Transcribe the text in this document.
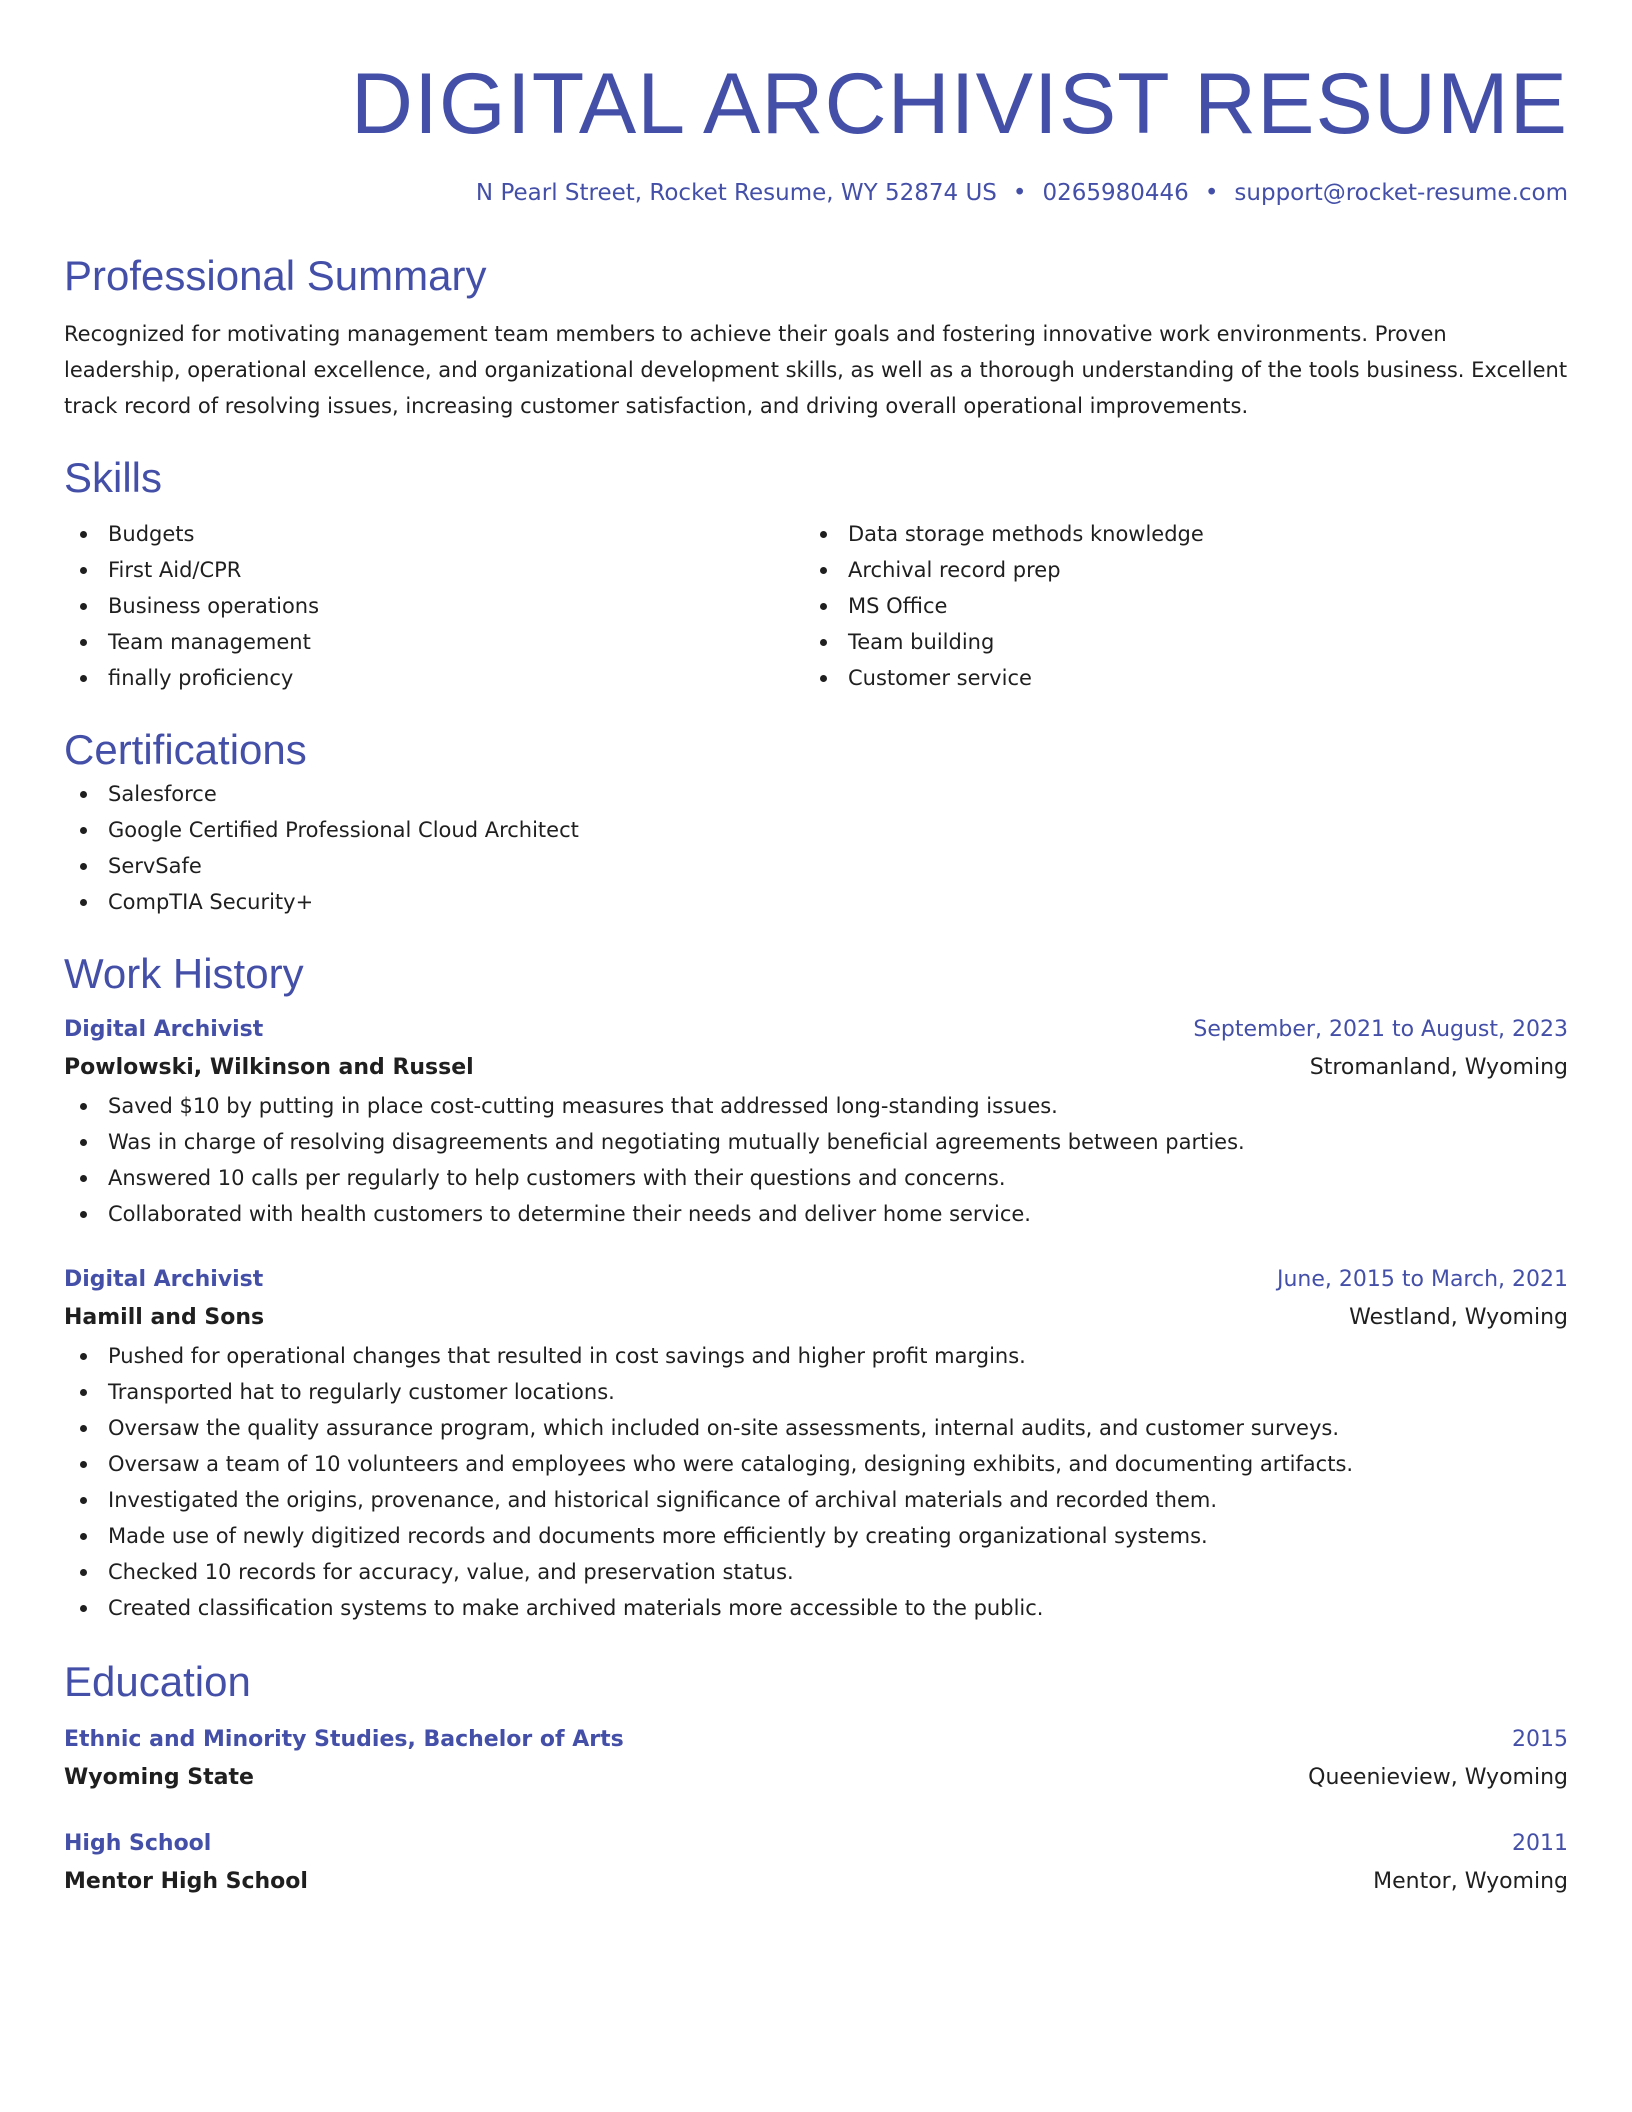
DIGITAL ARCHIVIST RESUME
N Pearl Street, Rocket Resume, WY 52874 US • 0265980446 • support@rocket-resume.com
Professional Summary

Recognized for motivating management team members to achieve their goals and fostering innovative work environments. Proven leadership, operational excellence, and organizational development skills, as well as a thorough understanding of the tools business. Excellent track record of resolving issues, increasing customer satisfaction, and driving overall operational improvements.

Skills
Budgets
First Aid/CPR
Business operations
Team management
finally proficiency
Data storage methods knowledge
Archival record prep
MS Office
Team building
Customer service
Certifications
Salesforce
Google Certified Professional Cloud Architect
ServSafe
CompTIA Security+
Work History
Digital Archivist	September, 2021 to August, 2023
Powlowski, Wilkinson and Russel	Stromanland, Wyoming
Saved $10 by putting in place cost-cutting measures that addressed long-standing issues.
Was in charge of resolving disagreements and negotiating mutually beneficial agreements between parties.
Answered 10 calls per regularly to help customers with their questions and concerns.
Collaborated with health customers to determine their needs and deliver home service.
Digital Archivist	June, 2015 to March, 2021
Hamill and Sons	Westland, Wyoming
Pushed for operational changes that resulted in cost savings and higher profit margins.
Transported hat to regularly customer locations.
Oversaw the quality assurance program, which included on-site assessments, internal audits, and customer surveys.
Oversaw a team of 10 volunteers and employees who were cataloging, designing exhibits, and documenting artifacts.
Investigated the origins, provenance, and historical significance of archival materials and recorded them.
Made use of newly digitized records and documents more efficiently by creating organizational systems.
Checked 10 records for accuracy, value, and preservation status.
Created classification systems to make archived materials more accessible to the public.
Education
Ethnic and Minority Studies, Bachelor of Arts	2015
Wyoming State	Queenieview, Wyoming
High School	2011
Mentor High School	Mentor, Wyoming
